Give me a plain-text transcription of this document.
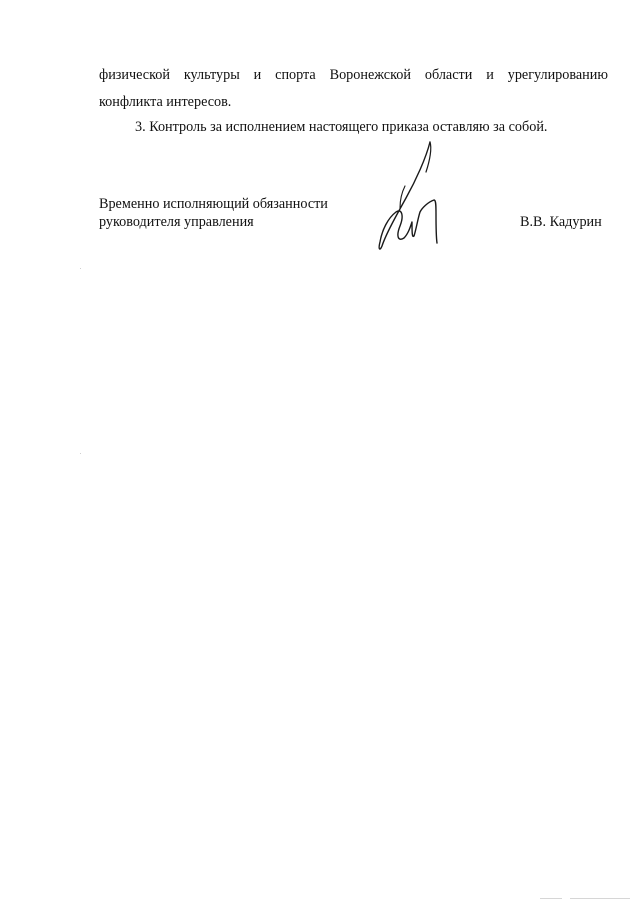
физической культуры и спорта Воронежской области и урегулированию
конфликта интересов.
3. Контроль за исполнением настоящего приказа оставляю за собой.
Временно исполняющий обязанности
руководителя управления	В.В. Кадурин
